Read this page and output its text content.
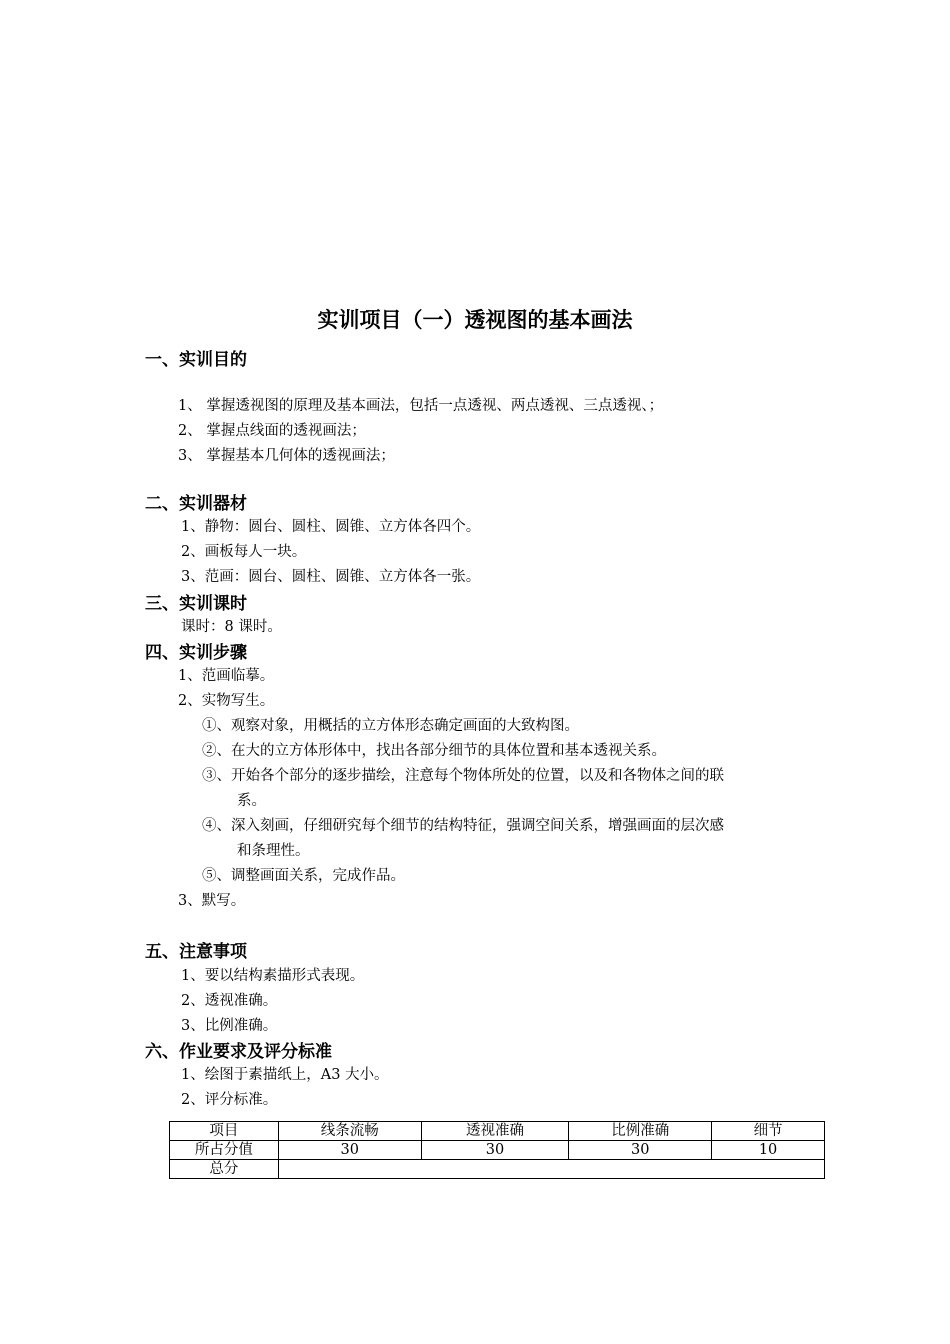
实训项目（一）透视图的基本画法
一、实训目的
1、 掌握透视图的原理及基本画法，包括一点透视、两点透视、三点透视、；
2、 掌握点线面的透视画法；
3、 掌握基本几何体的透视画法；
二、实训器材
1、静物：圆台、圆柱、圆锥、立方体各四个。
2、画板每人一块。
3、范画：圆台、圆柱、圆锥、立方体各一张。
三、实训课时
课时：8 课时。
四、实训步骤
1、范画临摹。
2、实物写生。
①、观察对象，用概括的立方体形态确定画面的大致构图。
②、在大的立方体形体中，找出各部分细节的具体位置和基本透视关系。
③、开始各个部分的逐步描绘，注意每个物体所处的位置，以及和各物体之间的联
系。
④、深入刻画，仔细研究每个细节的结构特征，强调空间关系，增强画面的层次感
和条理性。
⑤、调整画面关系，完成作品。
3、默写。
五、注意事项
1、要以结构素描形式表现。
2、透视准确。
3、比例准确。
六、作业要求及评分标准
1、绘图于素描纸上，A3 大小。
2、评分标准。
项目	线条流畅	透视准确	比例准确	细节
所占分值	30	30	30	10
总分				
